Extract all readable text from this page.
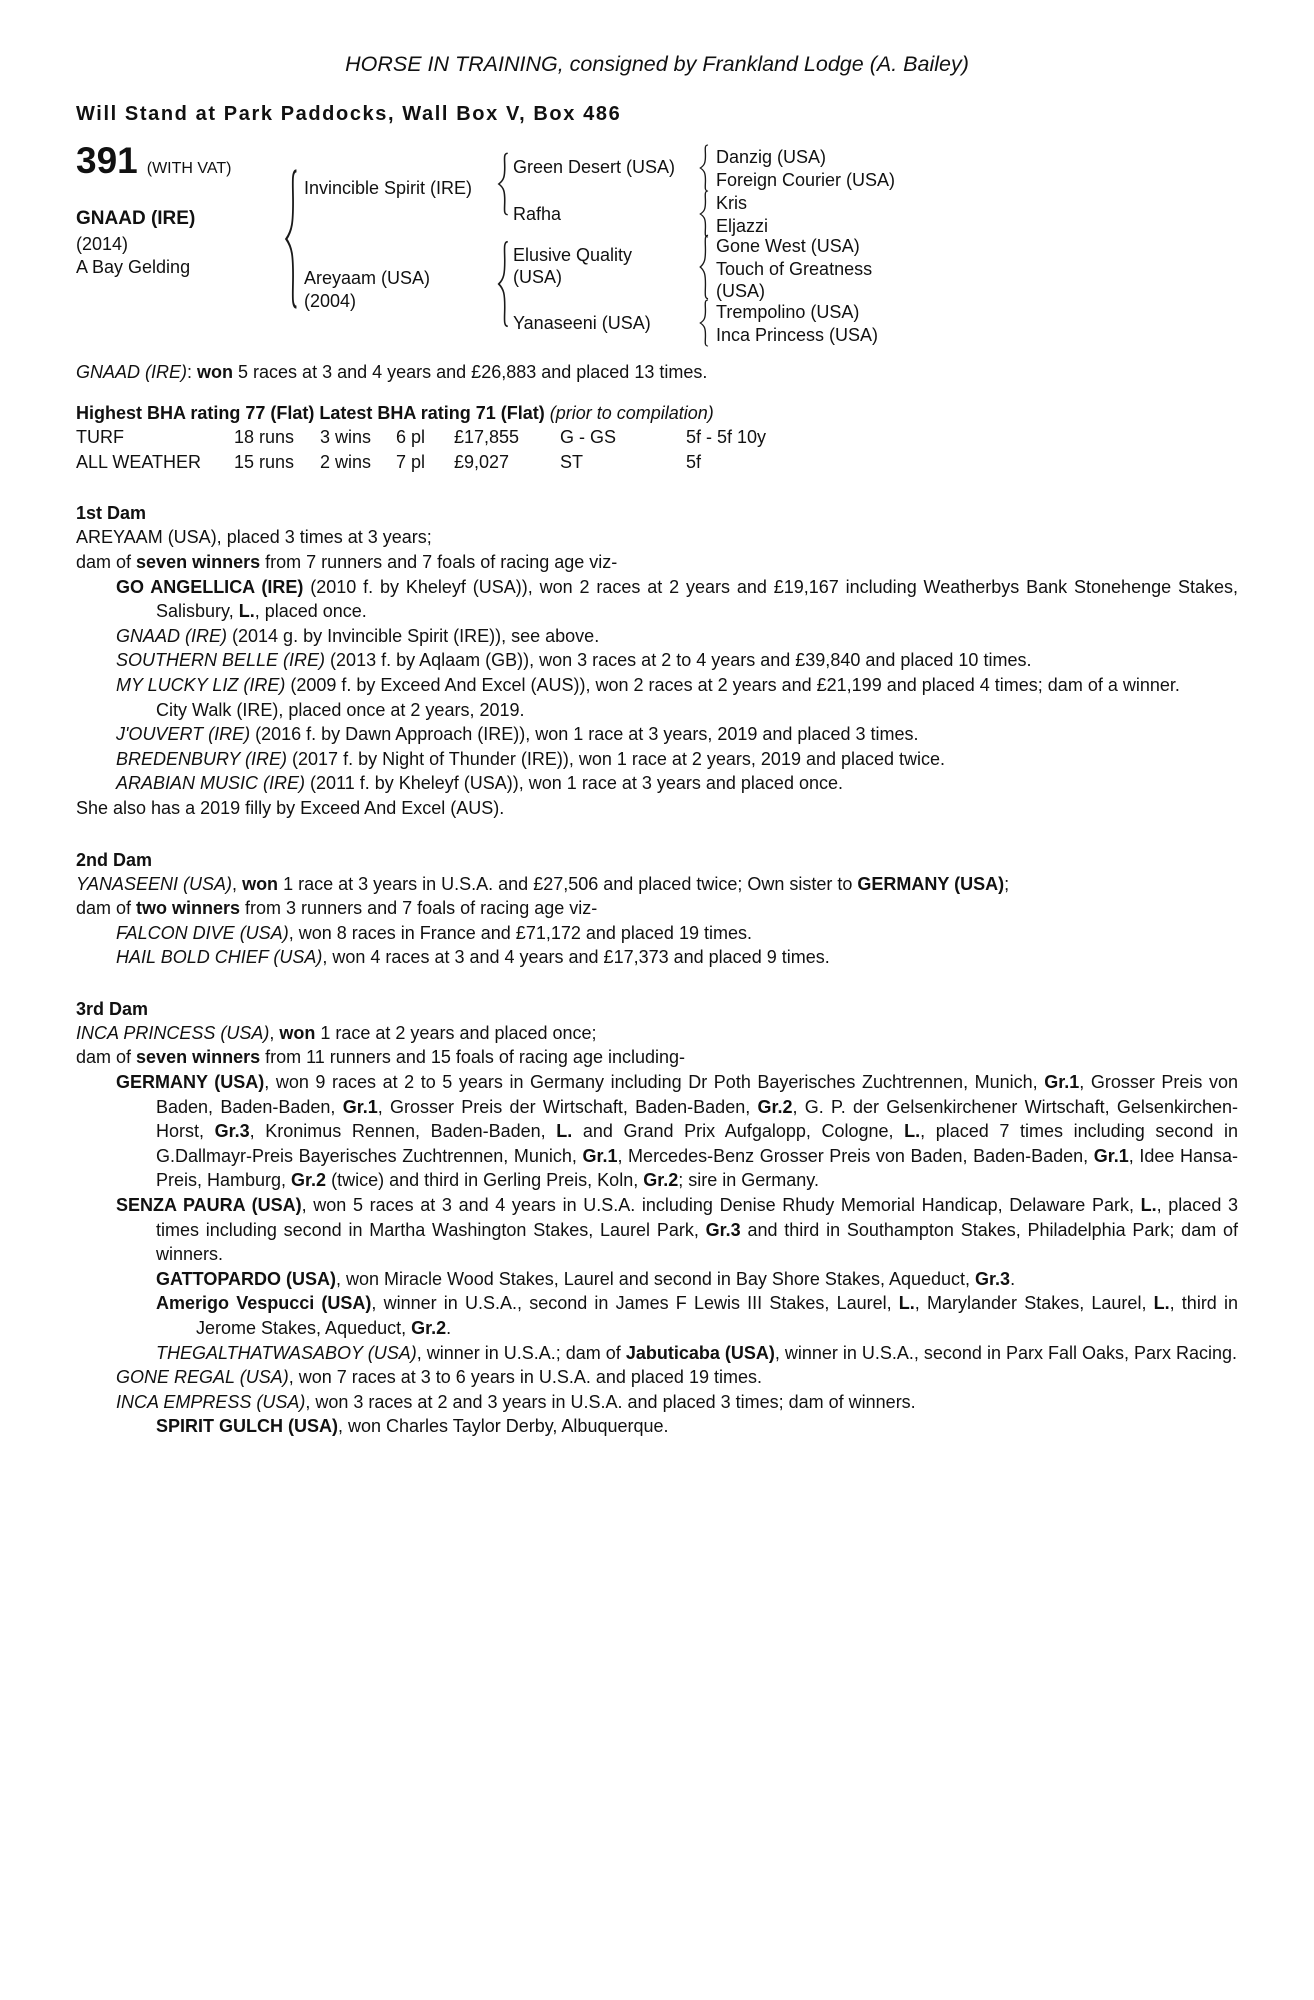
HORSE IN TRAINING, consigned by Frankland Lodge (A. Bailey)
Will Stand at Park Paddocks, Wall Box V, Box 486
391 (WITH VAT)
GNAAD (IRE)
(2014)
A Bay Gelding
Invincible Spirit (IRE)
Areyaam (USA)
(2004)
Green Desert (USA)
Rafha
Elusive Quality (USA)
Yanaseeni (USA)
Danzig (USA)
Foreign Courier (USA)
Kris
Eljazzi
Gone West (USA)
Touch of Greatness (USA)
Trempolino (USA)
Inca Princess (USA)
GNAAD (IRE): won 5 races at 3 and 4 years and £26,883 and placed 13 times.
Highest BHA rating 77 (Flat) Latest BHA rating 71 (Flat) (prior to compilation)
TURF	18 runs	3 wins	6 pl	£17,855	G - GS	5f - 5f 10y
ALL WEATHER	15 runs	2 wins	7 pl	£9,027	ST	5f
1st Dam
AREYAAM (USA), placed 3 times at 3 years;
dam of seven winners from 7 runners and 7 foals of racing age viz-
GO ANGELLICA (IRE) (2010 f. by Kheleyf (USA)), won 2 races at 2 years and £19,167 including Weatherbys Bank Stonehenge Stakes, Salisbury, L., placed once.
GNAAD (IRE) (2014 g. by Invincible Spirit (IRE)), see above.
SOUTHERN BELLE (IRE) (2013 f. by Aqlaam (GB)), won 3 races at 2 to 4 years and £39,840 and placed 10 times.
MY LUCKY LIZ (IRE) (2009 f. by Exceed And Excel (AUS)), won 2 races at 2 years and £21,199 and placed 4 times; dam of a winner.
City Walk (IRE), placed once at 2 years, 2019.
J'OUVERT (IRE) (2016 f. by Dawn Approach (IRE)), won 1 race at 3 years, 2019 and placed 3 times.
BREDENBURY (IRE) (2017 f. by Night of Thunder (IRE)), won 1 race at 2 years, 2019 and placed twice.
ARABIAN MUSIC (IRE) (2011 f. by Kheleyf (USA)), won 1 race at 3 years and placed once.
She also has a 2019 filly by Exceed And Excel (AUS).
2nd Dam
YANASEENI (USA), won 1 race at 3 years in U.S.A. and £27,506 and placed twice; Own sister to GERMANY (USA);
dam of two winners from 3 runners and 7 foals of racing age viz-
FALCON DIVE (USA), won 8 races in France and £71,172 and placed 19 times.
HAIL BOLD CHIEF (USA), won 4 races at 3 and 4 years and £17,373 and placed 9 times.
3rd Dam
INCA PRINCESS (USA), won 1 race at 2 years and placed once;
dam of seven winners from 11 runners and 15 foals of racing age including-
GERMANY (USA), won 9 races at 2 to 5 years in Germany including Dr Poth Bayerisches Zuchtrennen, Munich, Gr.1, Grosser Preis von Baden, Baden-Baden, Gr.1, Grosser Preis der Wirtschaft, Baden-Baden, Gr.2, G. P. der Gelsenkirchener Wirtschaft, Gelsenkirchen-Horst, Gr.3, Kronimus Rennen, Baden-Baden, L. and Grand Prix Aufgalopp, Cologne, L., placed 7 times including second in G.Dallmayr-Preis Bayerisches Zuchtrennen, Munich, Gr.1, Mercedes-Benz Grosser Preis von Baden, Baden-Baden, Gr.1, Idee Hansa-Preis, Hamburg, Gr.2 (twice) and third in Gerling Preis, Koln, Gr.2; sire in Germany.
SENZA PAURA (USA), won 5 races at 3 and 4 years in U.S.A. including Denise Rhudy Memorial Handicap, Delaware Park, L., placed 3 times including second in Martha Washington Stakes, Laurel Park, Gr.3 and third in Southampton Stakes, Philadelphia Park; dam of winners.
GATTOPARDO (USA), won Miracle Wood Stakes, Laurel and second in Bay Shore Stakes, Aqueduct, Gr.3.
Amerigo Vespucci (USA), winner in U.S.A., second in James F Lewis III Stakes, Laurel, L., Marylander Stakes, Laurel, L., third in Jerome Stakes, Aqueduct, Gr.2.
THEGALTHATWASABOY (USA), winner in U.S.A.; dam of Jabuticaba (USA), winner in U.S.A., second in Parx Fall Oaks, Parx Racing.
GONE REGAL (USA), won 7 races at 3 to 6 years in U.S.A. and placed 19 times.
INCA EMPRESS (USA), won 3 races at 2 and 3 years in U.S.A. and placed 3 times; dam of winners.
SPIRIT GULCH (USA), won Charles Taylor Derby, Albuquerque.
